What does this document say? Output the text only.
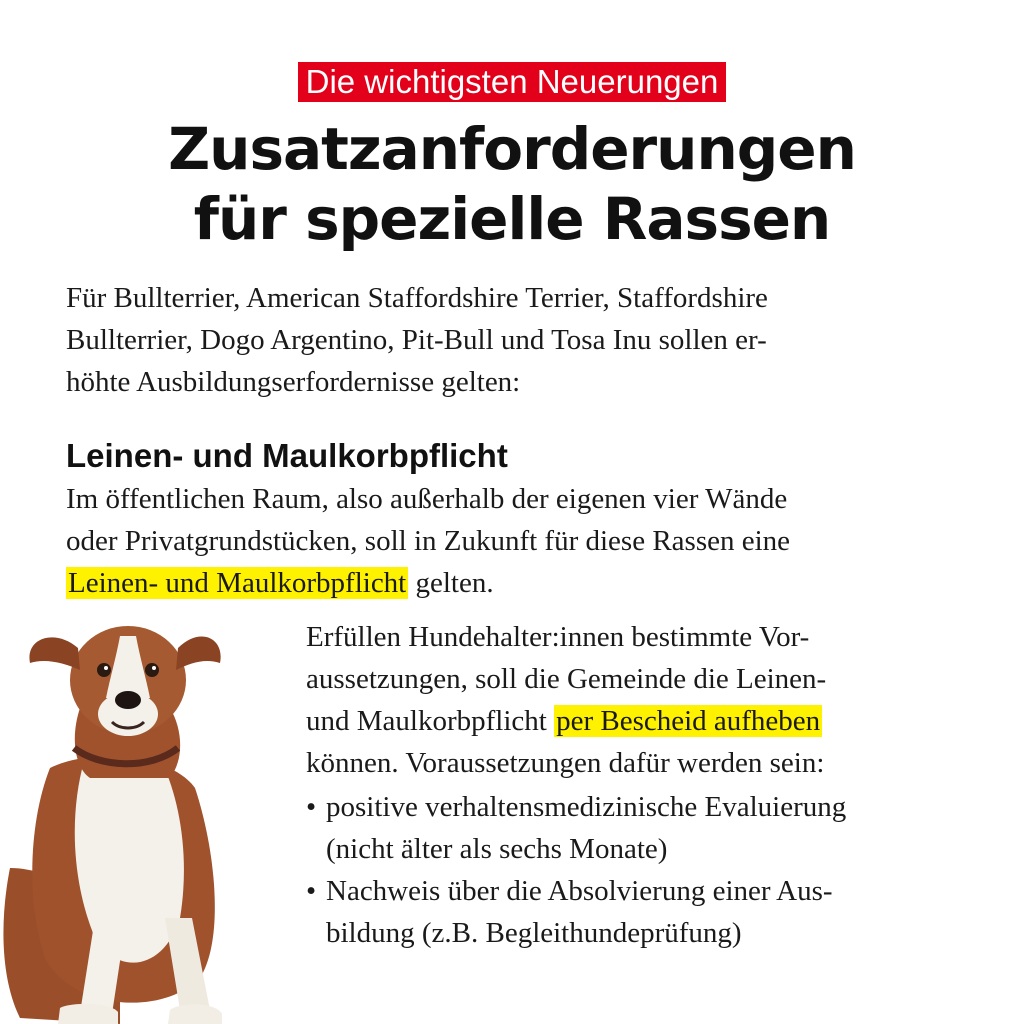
Die wichtigsten Neuerungen
Zusatzanforderungen
für spezielle Rassen

Für Bullterrier, American Staffordshire Terrier, Staffordshire
Bullterrier, Dogo Argentino, Pit-Bull und Tosa Inu sollen er-
höhte Ausbildungserfordernisse gelten:

Leinen- und Maulkorbpflicht

Im öffentlichen Raum, also außerhalb der eigenen vier Wände
oder Privatgrundstücken, soll in Zukunft für diese Rassen eine
Leinen- und Maulkorbpflicht gelten.

Erfüllen Hundehalter:innen bestimmte Vor-
aussetzungen, soll die Gemeinde die Leinen-
und Maulkorbpflicht per Bescheid aufheben
können. Voraussetzungen dafür werden sein:

• positive verhaltensmedizinische Evaluierung
(nicht älter als sechs Monate)
• Nachweis über die Absolvierung einer Aus-
bildung (z.B. Begleithundeprüfung)
